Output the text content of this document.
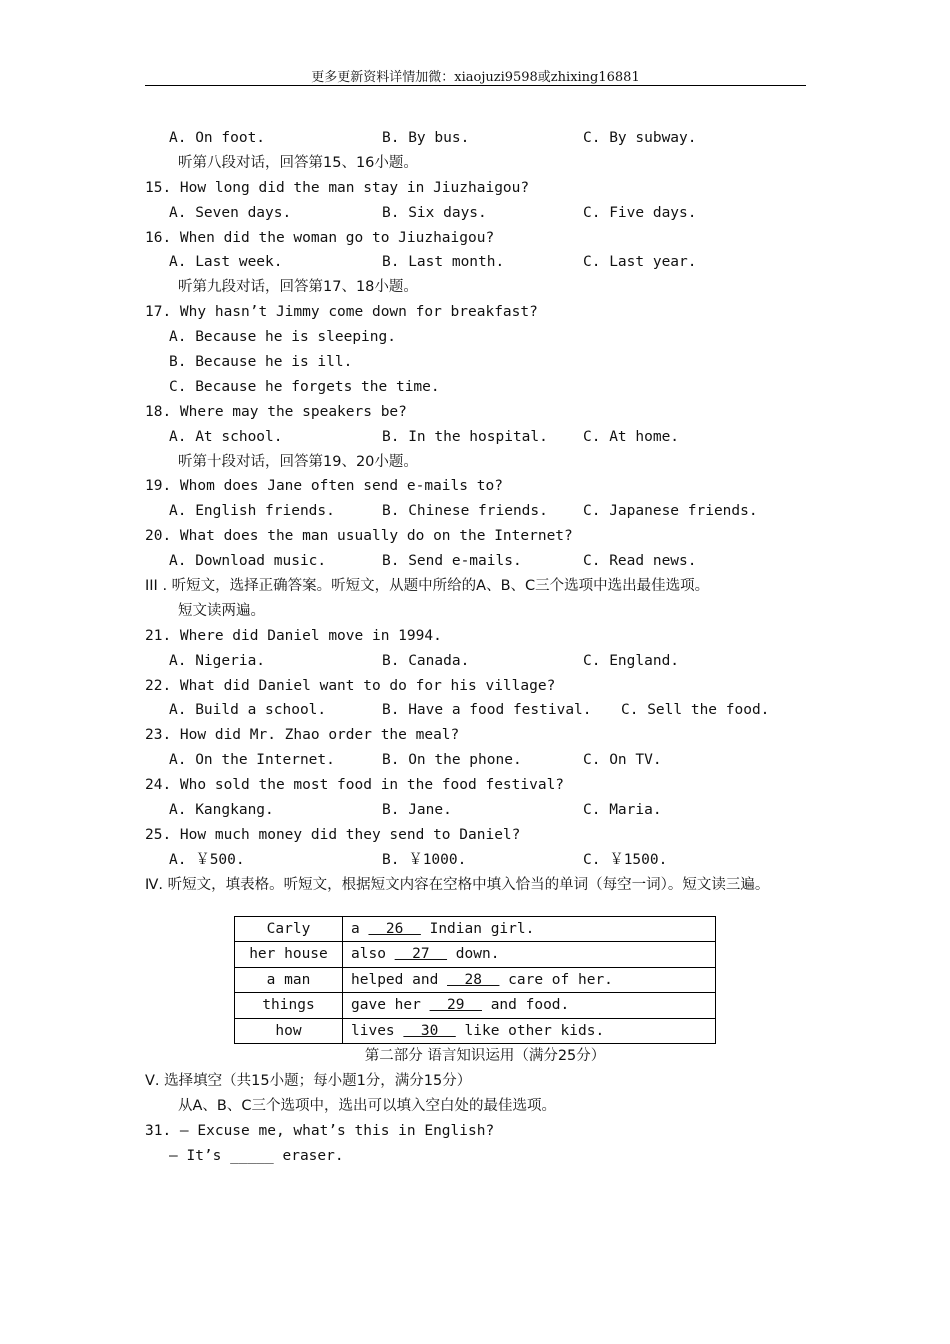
更多更新资料详情加微：xiaojuzi9598或zhixing16881
A. On foot.	B. By bus.	C. By subway.
听第八段对话，回答第15、16小题。
15. How long did the man stay in Jiuzhaigou?
A. Seven days.	B. Six days.	C. Five days.
16. When did the woman go to Jiuzhaigou?
A. Last week.	B. Last month.	C. Last year.
听第九段对话，回答第17、18小题。
17. Why hasn’t Jimmy come down for breakfast?
A. Because he is sleeping.
B. Because he is ill.
C. Because he forgets the time.
18. Where may the speakers be?
A. At school.	B. In the hospital. C. At home.
听第十段对话，回答第19、20小题。
19. Whom does Jane often send e-mails to?
A. English friends.	B. Chinese friends. C. Japanese friends.
20. What does the man usually do on the Internet?
A. Download music.	B. Send e-mails.	C. Read news.
III . 听短文，选择正确答案。听短文，从题中所给的A、B、C三个选项中选出最佳选项。
短文读两遍。
21. Where did Daniel move in 1994.
A. Nigeria.	B. Canada.	C. England.
22. What did Daniel want to do for his village?
A. Build a school.	B. Have a food festival. C. Sell the food.
23. How did Mr. Zhao order the meal?
A. On the Internet.	B. On the phone.	C. On TV.
24. Who sold the most food in the food festival?
A. Kangkang.	B. Jane.	C. Maria.
25. How much money did they send to Daniel?
A. ￥500.	B. ￥1000.	C. ￥1500.
Ⅳ. 听短文，填表格。听短文，根据短文内容在空格中填入恰当的单词（每空一词）。短文读三遍。
Carly	a   26   Indian girl.
her house	also   27   down.
a man	helped and   28   care of her.
things	gave her   29   and food.
how	lives   30   like other kids.
第二部分 语言知识运用（满分25分）
Ⅴ. 选择填空（共15小题；每小题1分，满分15分）
从A、B、C三个选项中，选出可以填入空白处的最佳选项。
31. — Excuse me, what’s this in English?
— It’s _____ eraser.
